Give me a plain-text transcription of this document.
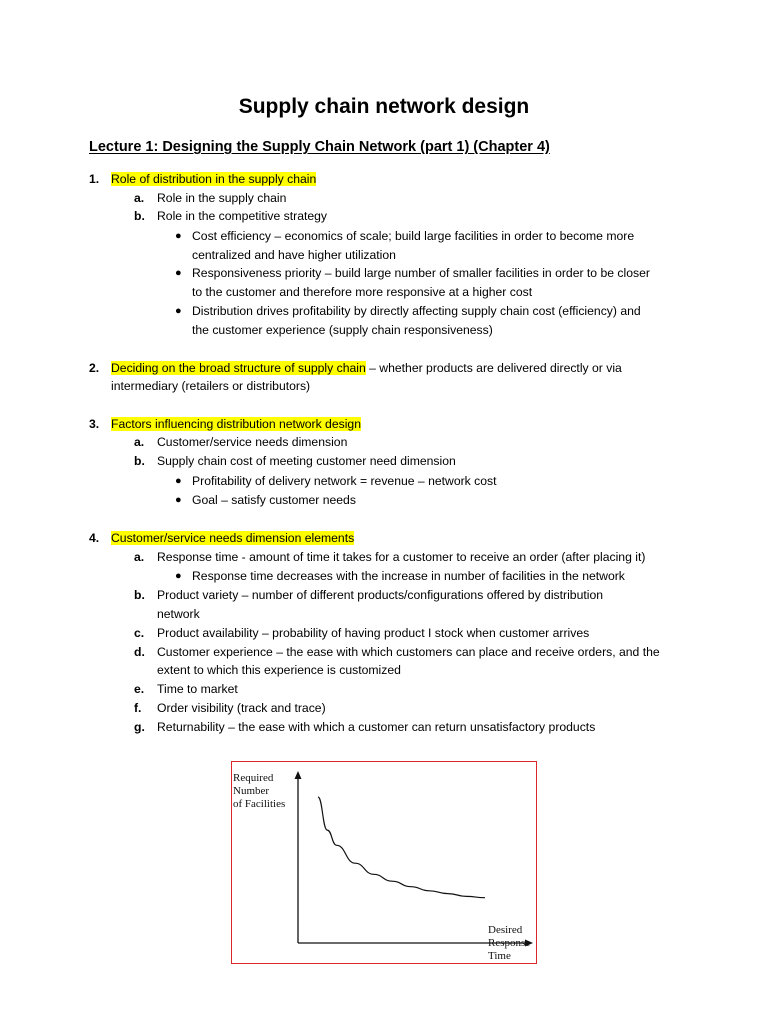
Supply chain network design
Lecture 1: Designing the Supply Chain Network (part 1) (Chapter 4)
1. Role of distribution in the supply chain
a. Role in the supply chain
b. Role in the competitive strategy
● Cost efficiency – economics of scale; build large facilities in order to become more
centralized and have higher utilization
● Responsiveness priority – build large number of smaller facilities in order to be closer
to the customer and therefore more responsive at a higher cost
● Distribution drives profitability by directly affecting supply chain cost (efficiency) and
the customer experience (supply chain responsiveness)
2. Deciding on the broad structure of supply chain – whether products are delivered directly or via
intermediary (retailers or distributors)
3. Factors influencing distribution network design
a. Customer/service needs dimension
b. Supply chain cost of meeting customer need dimension
● Profitability of delivery network = revenue – network cost
● Goal – satisfy customer needs
4. Customer/service needs dimension elements
a. Response time - amount of time it takes for a customer to receive an order (after placing it)
● Response time decreases with the increase in number of facilities in the network
b. Product variety – number of different products/configurations offered by distribution
network
c. Product availability – probability of having product I stock when customer arrives
d. Customer experience – the ease with which customers can place and receive orders, and the
extent to which this experience is customized
e. Time to market
f. Order visibility (track and trace)
g. Returnability – the ease with which a customer can return unsatisfactory products
Required
Number
of Facilities
Desired
Response
Time
